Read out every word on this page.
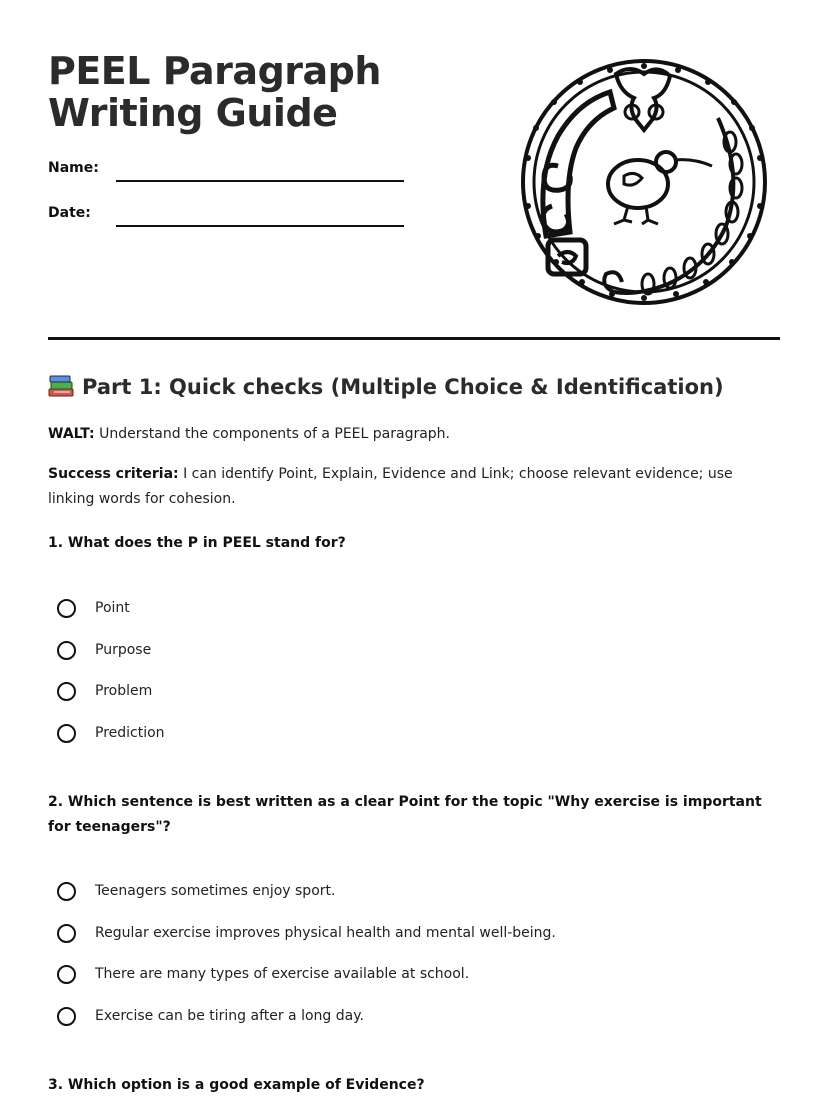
PEEL Paragraph Writing Guide
Name:
Date:
Part 1: Quick checks (Multiple Choice & Identification)

WALT: Understand the components of a PEEL paragraph.

Success criteria: I can identify Point, Explain, Evidence and Link; choose relevant evidence; use linking words for cohesion.

1. What does the P in PEEL stand for?

Point
Purpose
Problem
Prediction

2. Which sentence is best written as a clear Point for the topic "Why exercise is important for teenagers"?

Teenagers sometimes enjoy sport.
Regular exercise improves physical health and mental well-being.
There are many types of exercise available at school.
Exercise can be tiring after a long day.

3. Which option is a good example of Evidence?
